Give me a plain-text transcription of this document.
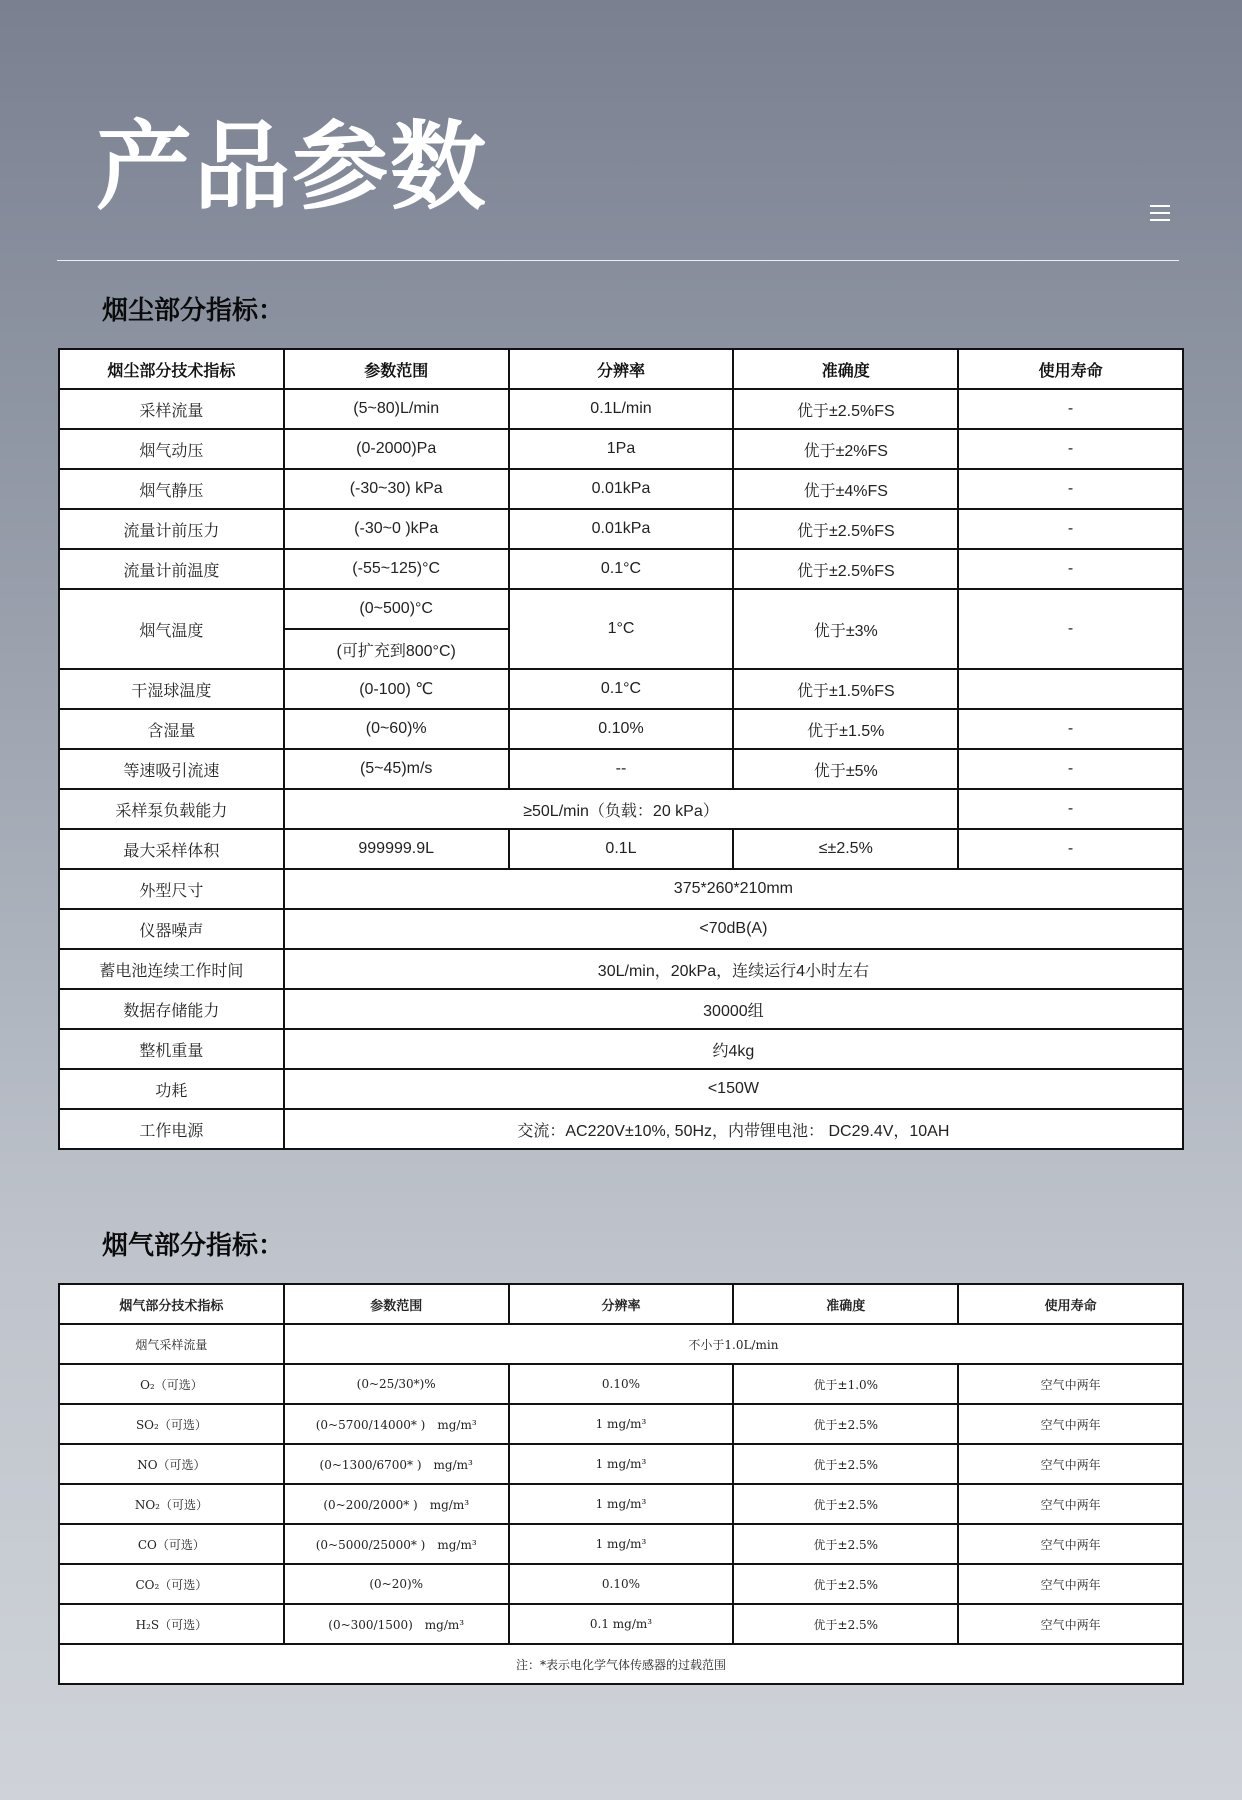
产品参数
烟尘部分指标：
烟尘部分技术指标	参数范围	分辨率	准确度	使用寿命
采样流量	(5~80)L/min	0.1L/min	优于±2.5%FS	-
烟气动压	(0-2000)Pa	1Pa	优于±2%FS	-
烟气静压	(-30~30) kPa	0.01kPa	优于±4%FS	-
流量计前压力	(-30~0 )kPa	0.01kPa	优于±2.5%FS	-
流量计前温度	(-55~125)°C	0.1°C	优于±2.5%FS	-
烟气温度	(0~500)°C	1°C	优于±3%	-
	(可扩充到800°C)			
干湿球温度	(0-100) ℃	0.1°C	优于±1.5%FS	
含湿量	(0~60)%	0.10%	优于±1.5%	-
等速吸引流速	(5~45)m/s	--	优于±5%	-
采样泵负载能力	≥50L/min（负载：20 kPa）			-
最大采样体积	999999.9L	0.1L	≤±2.5%	-
外型尺寸	375*260*210mm			
仪器噪声	<70dB(A)			
蓄电池连续工作时间	30L/min，20kPa，连续运行4小时左右			
数据存储能力	30000组			
整机重量	约4kg			
功耗	<150W			
工作电源	交流：AC220V±10%, 50Hz，内带锂电池： DC29.4V，10AH			
烟气部分指标：
烟气部分技术指标	参数范围	分辨率	准确度	使用寿命
烟气采样流量	不小于1.0L/min			
O₂（可选）	(0~25/30*)%	0.10%	优于±1.0%	空气中两年
SO₂（可选）	(0~5700/14000* )　mg/m³	1 mg/m³	优于±2.5%	空气中两年
NO（可选）	(0~1300/6700* )　mg/m³	1 mg/m³	优于±2.5%	空气中两年
NO₂（可选）	(0~200/2000* )　mg/m³	1 mg/m³	优于±2.5%	空气中两年
CO（可选）	(0~5000/25000* )　mg/m³	1 mg/m³	优于±2.5%	空气中两年
CO₂（可选）	(0~20)%	0.10%	优于±2.5%	空气中两年
H₂S（可选）	(0~300/1500)　mg/m³	0.1 mg/m³	优于±2.5%	空气中两年
注：*表示电化学气体传感器的过载范围				
